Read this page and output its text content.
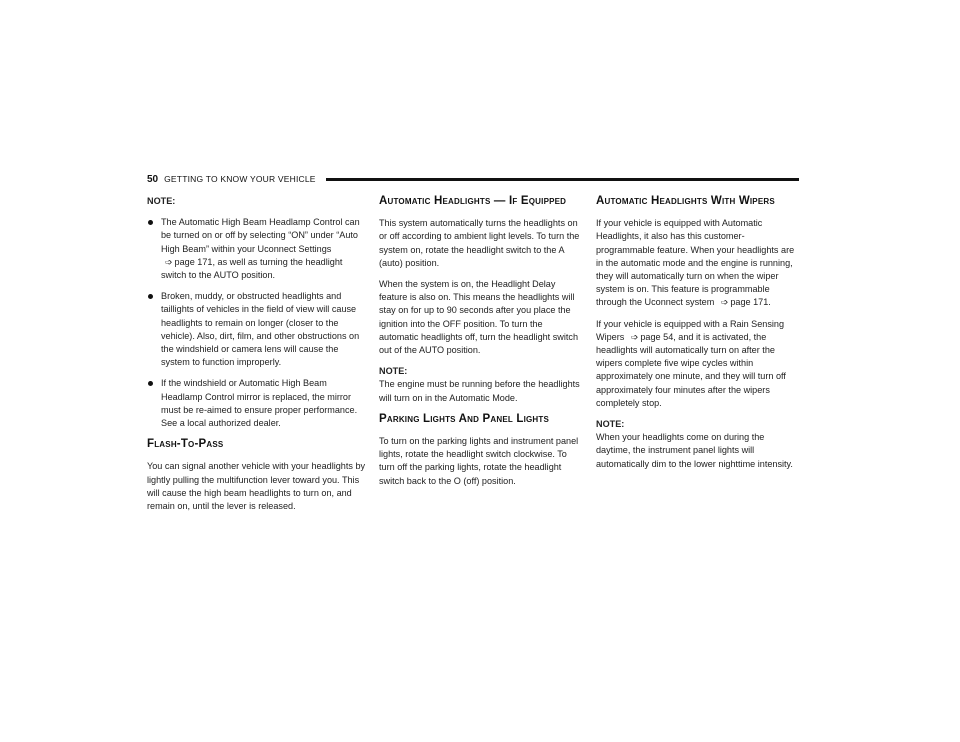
50 GETTING TO KNOW YOUR VEHICLE

NOTE:

The Automatic High Beam Headlamp Control can be turned on or off by selecting “ON” under “Auto High Beam” within your Uconnect Settings ➩ page 171, as well as turning the headlight switch to the AUTO position.
Broken, muddy, or obstructed headlights and taillights of vehicles in the field of view will cause headlights to remain on longer (closer to the vehicle). Also, dirt, film, and other obstructions on the windshield or camera lens will cause the system to function improperly.
If the windshield or Automatic High Beam Headlamp Control mirror is replaced, the mirror must be re-aimed to ensure proper performance. See a local authorized dealer.
Flash-To-Pass

You can signal another vehicle with your headlights by lightly pulling the multifunction lever toward you. This will cause the high beam headlights to turn on, and remain on, until the lever is released.

Automatic Headlights — If Equipped

This system automatically turns the headlights on or off according to ambient light levels. To turn the system on, rotate the headlight switch to the A (auto) position.

When the system is on, the Headlight Delay feature is also on. This means the headlights will stay on for up to 90 seconds after you place the ignition into the OFF position. To turn the automatic headlights off, turn the headlight switch out of the AUTO position.

NOTE:

The engine must be running before the headlights will turn on in the Automatic Mode.

Parking Lights And Panel Lights

To turn on the parking lights and instrument panel lights, rotate the headlight switch clockwise. To turn off the parking lights, rotate the headlight switch back to the O (off) position.

Automatic Headlights With Wipers

If your vehicle is equipped with Automatic Headlights, it also has this customer-programmable feature. When your headlights are in the automatic mode and the engine is running, they will automatically turn on when the wiper system is on. This feature is programmable through the Uconnect system ➩ page 171.

If your vehicle is equipped with a Rain Sensing Wipers ➩ page 54, and it is activated, the headlights will automatically turn on after the wipers complete five wipe cycles within approximately one minute, and they will turn off approximately four minutes after the wipers completely stop.

NOTE:

When your headlights come on during the daytime, the instrument panel lights will automatically dim to the lower nighttime intensity.
